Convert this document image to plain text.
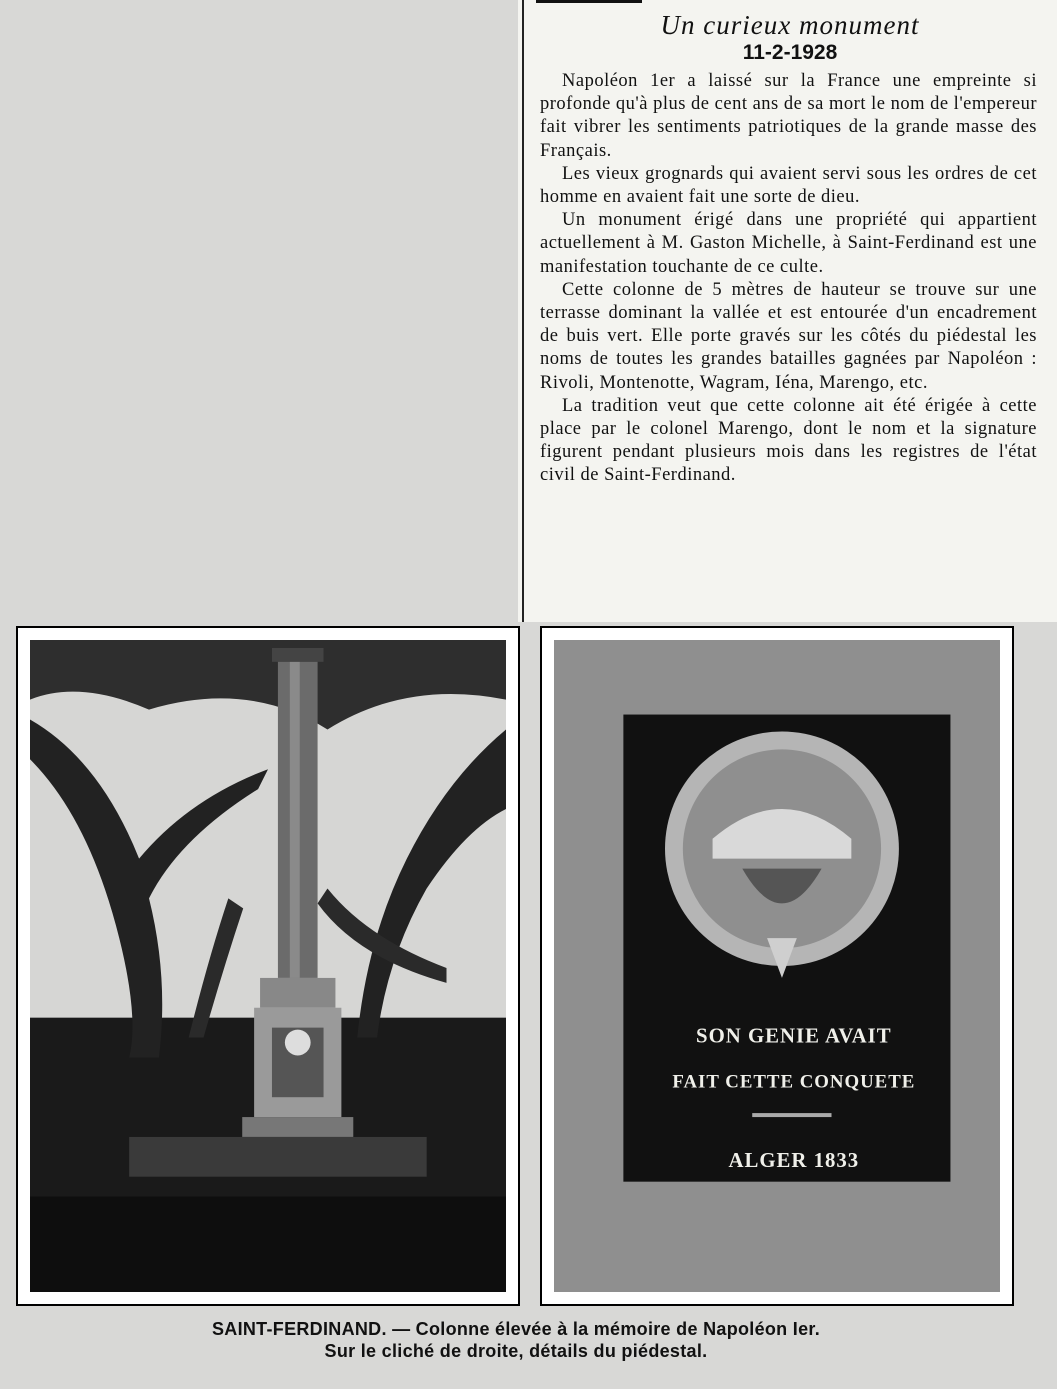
Un curieux monument
11-2-1928

Napoléon 1er a laissé sur la France une empreinte si profonde qu'à plus de cent ans de sa mort le nom de l'empereur fait vibrer les sentiments patriotiques de la grande masse des Français.

Les vieux grognards qui avaient servi sous les ordres de cet homme en avaient fait une sorte de dieu.

Un monument érigé dans une propriété qui appartient actuellement à M. Gaston Michelle, à Saint-Ferdinand est une manifestation touchante de ce culte.

Cette colonne de 5 mètres de hauteur se trouve sur une terrasse dominant la vallée et est entourée d'un encadrement de buis vert. Elle porte gravés sur les côtés du piédestal les noms de toutes les grandes batailles gagnées par Napoléon : Rivoli, Montenotte, Wagram, Iéna, Marengo, etc.

La tradition veut que cette colonne ait été érigée à cette place par le colonel Marengo, dont le nom et la signature figurent pendant plusieurs mois dans les registres de l'état civil de Saint-Ferdinand.

SON GENIE AVAIT
FAIT CETTE CONQUETE
ALGER 1833
SAINT-FERDINAND. — Colonne élevée à la mémoire de Napoléon Ier.
Sur le cliché de droite, détails du piédestal.
